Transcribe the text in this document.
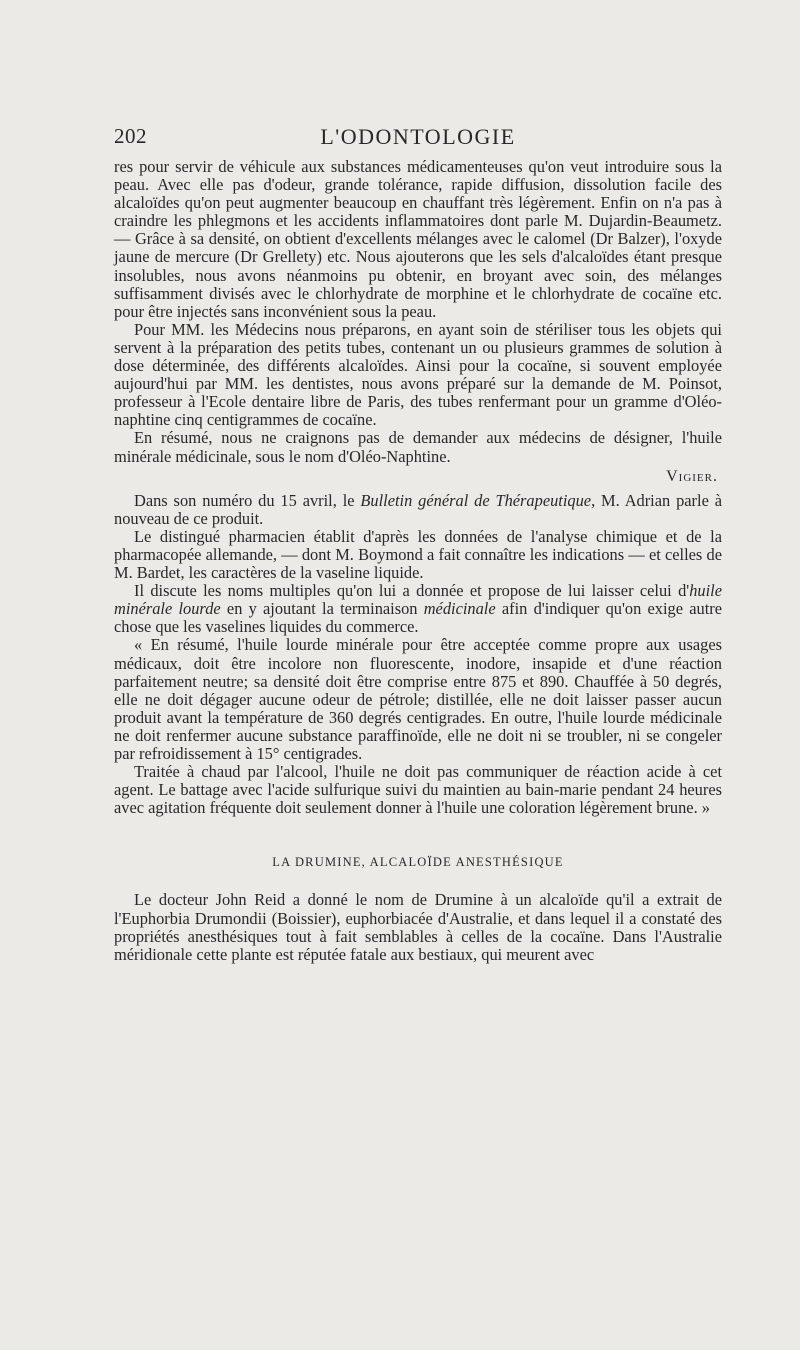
202	L'ODONTOLOGIE

res pour servir de véhicule aux substances médicamenteuses qu'on veut introduire sous la peau. Avec elle pas d'odeur, grande tolérance, rapide diffusion, dissolution facile des alcaloïdes qu'on peut augmenter beaucoup en chauffant très légèrement. Enfin on n'a pas à craindre les phlegmons et les accidents inflammatoires dont parle M. Dujardin-Beaumetz. — Grâce à sa densité, on obtient d'excellents mélanges avec le calomel (Dr Balzer), l'oxyde jaune de mercure (Dr Grellety) etc. Nous ajouterons que les sels d'alcaloïdes étant presque insolubles, nous avons néanmoins pu obtenir, en broyant avec soin, des mélanges suffisamment divisés avec le chlorhydrate de morphine et le chlorhydrate de cocaïne etc. pour être injectés sans inconvénient sous la peau.

Pour MM. les Médecins nous préparons, en ayant soin de stériliser tous les objets qui servent à la préparation des petits tubes, contenant un ou plusieurs grammes de solution à dose déterminée, des différents alcaloïdes. Ainsi pour la cocaïne, si souvent employée aujourd'hui par MM. les dentistes, nous avons préparé sur la demande de M. Poinsot, professeur à l'Ecole dentaire libre de Paris, des tubes renfermant pour un gramme d'Oléo-naphtine cinq centigrammes de cocaïne.

En résumé, nous ne craignons pas de demander aux médecins de désigner, l'huile minérale médicinale, sous le nom d'Oléo-Naphtine.

Vigier.

Dans son numéro du 15 avril, le Bulletin général de Thérapeutique, M. Adrian parle à nouveau de ce produit.

Le distingué pharmacien établit d'après les données de l'analyse chimique et de la pharmacopée allemande, — dont M. Boymond a fait connaître les indications — et celles de M. Bardet, les caractères de la vaseline liquide.

Il discute les noms multiples qu'on lui a donnée et propose de lui laisser celui d'huile minérale lourde en y ajoutant la terminaison médicinale afin d'indiquer qu'on exige autre chose que les vaselines liquides du commerce.

« En résumé, l'huile lourde minérale pour être acceptée comme propre aux usages médicaux, doit être incolore non fluorescente, inodore, insapide et d'une réaction parfaitement neutre; sa densité doit être comprise entre 875 et 890. Chauffée à 50 degrés, elle ne doit dégager aucune odeur de pétrole; distillée, elle ne doit laisser passer aucun produit avant la température de 360 degrés centigrades. En outre, l'huile lourde médicinale ne doit renfermer aucune substance paraffinoïde, elle ne doit ni se troubler, ni se congeler par refroidissement à 15° centigrades.

Traitée à chaud par l'alcool, l'huile ne doit pas communiquer de réaction acide à cet agent. Le battage avec l'acide sulfurique suivi du maintien au bain-marie pendant 24 heures avec agitation fréquente doit seulement donner à l'huile une coloration légèrement brune. »

LA DRUMINE, ALCALOÏDE ANESTHÉSIQUE

Le docteur John Reid a donné le nom de Drumine à un alcaloïde qu'il a extrait de l'Euphorbia Drumondii (Boissier), euphorbiacée d'Australie, et dans lequel il a constaté des propriétés anesthésiques tout à fait semblables à celles de la cocaïne. Dans l'Australie méridionale cette plante est réputée fatale aux bestiaux, qui meurent avec
